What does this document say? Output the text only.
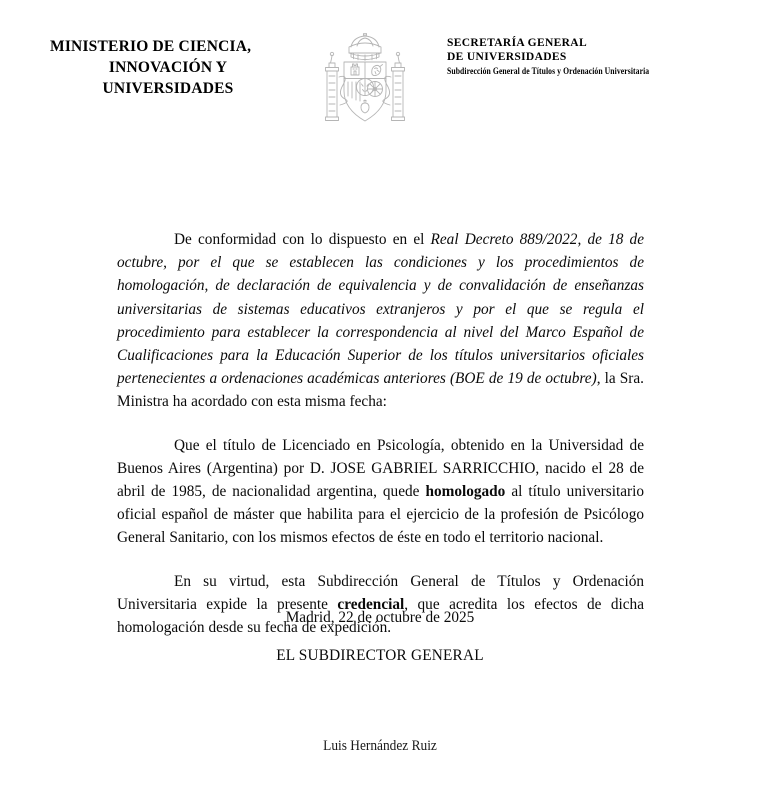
MINISTERIO DE CIENCIA,
INNOVACIÓN Y
UNIVERSIDADES
SECRETARÍA GENERAL
DE UNIVERSIDADES
Subdirección General de Títulos y Ordenación Universitaria

De conformidad con lo dispuesto en el Real Decreto 889/2022, de 18 de octubre, por el que se establecen las condiciones y los procedimientos de homologación, de declaración de equivalencia y de convalidación de enseñanzas universitarias de sistemas educativos extranjeros y por el que se regula el procedimiento para establecer la correspondencia al nivel del Marco Español de Cualificaciones para la Educación Superior de los títulos universitarios oficiales pertenecientes a ordenaciones académicas anteriores (BOE de 19 de octubre), la Sra. Ministra ha acordado con esta misma fecha:

Que el título de Licenciado en Psicología, obtenido en la Universidad de Buenos Aires (Argentina) por D. JOSE GABRIEL SARRICCHIO, nacido el 28 de abril de 1985, de nacionalidad argentina, quede homologado al título universitario oficial español de máster que habilita para el ejercicio de la profesión de Psicólogo General Sanitario, con los mismos efectos de éste en todo el territorio nacional.

En su virtud, esta Subdirección General de Títulos y Ordenación Universitaria expide la presente credencial, que acredita los efectos de dicha homologación desde su fecha de expedición.

Madrid, 22 de octubre de 2025
EL SUBDIRECTOR GENERAL
Luis Hernández Ruiz
